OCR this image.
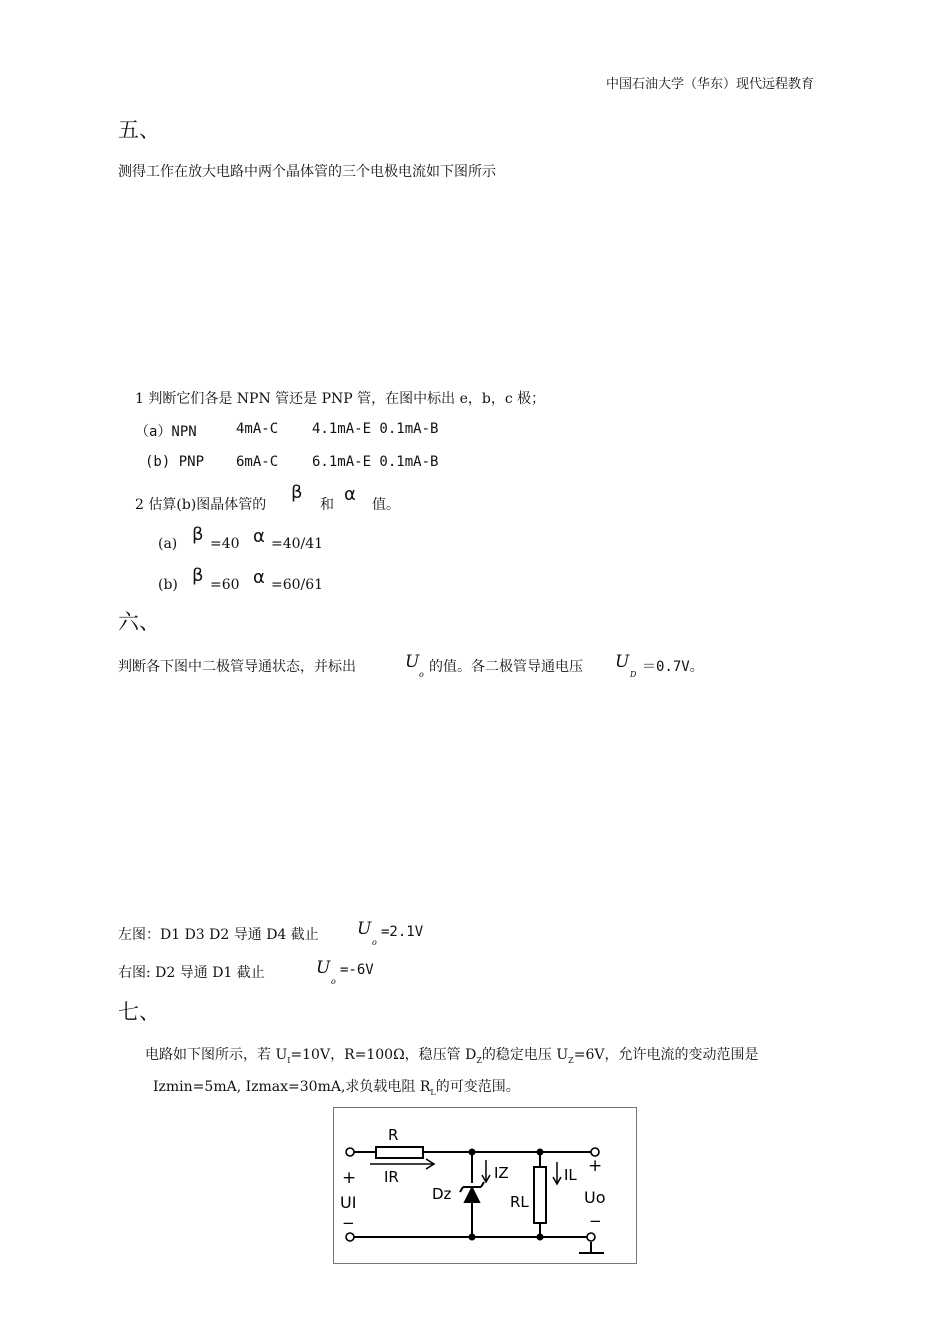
中国石油大学（华东）现代远程教育
五、
测得工作在放大电路中两个晶体管的三个电极电流如下图所示
1 判断它们各是 NPN 管还是 PNP 管，在图中标出 e，b，c 极；
（a）NPN	4mA-C 4.1mA-E 0.1mA-B
(b) PNP 6mA-C 6.1mA-E 0.1mA-B
2 估算(b)图晶体管的
β
和 α 值。
(a) β =40 α =40/41
(b) β =60 α =60/61
六、
判断各下图中二极管导通状态，并标出	U
o 的值。各二极管导通电压 U
D ＝0.7V。
左图：D1 D3 D2 导通 D4 截止 U
o
=2.1V
右图: D2 导通 D1 截止	U
o
=-6V
七、
电路如下图所示，若 $U_I=10V$，R=100Ω，稳压管 $D_Z$的稳定电压 $U_Z=6V$，允许电流的变动范围是
Izmin=5mA, Izmax=30mA,求负载电阻 $R_L$的可变范围。
R
IR	IZ
Dz	RL
IL
+
UI
−
+
Uo
−
